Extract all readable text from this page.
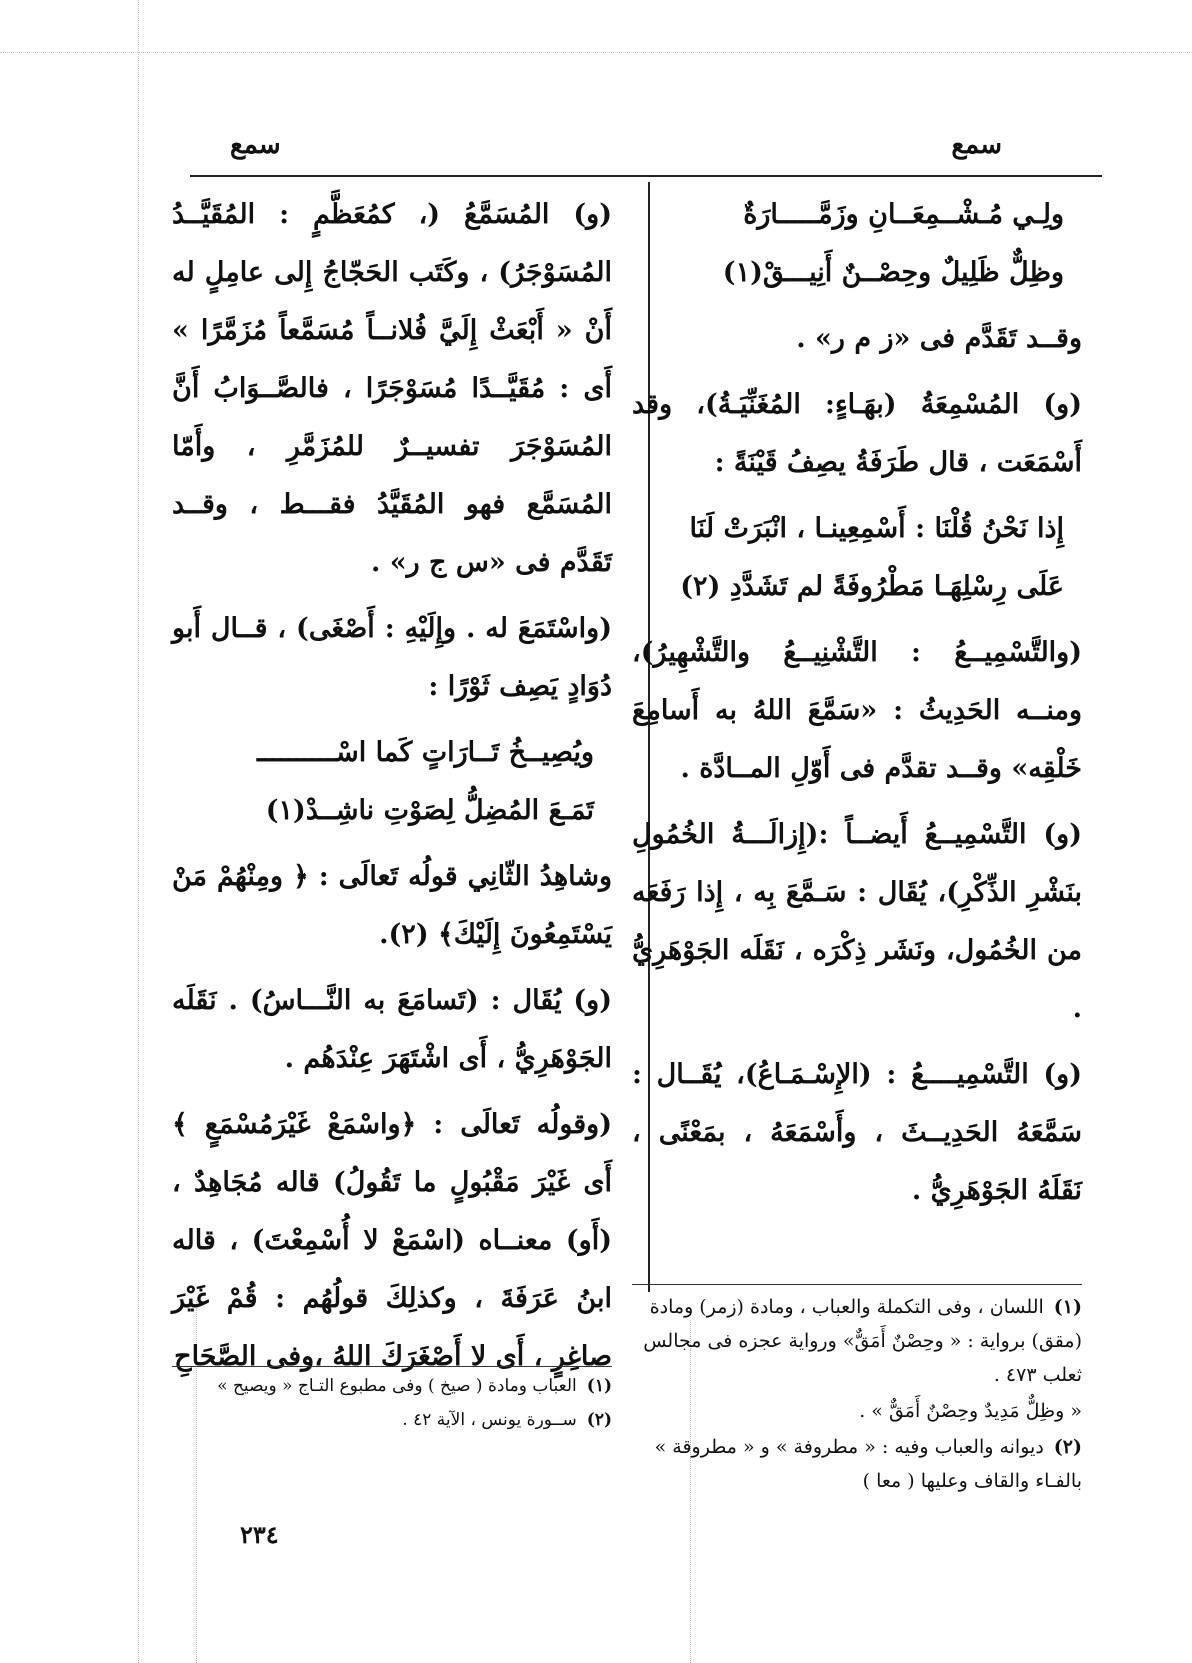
سمع
سمع
ولِـي مُـشْــمِعَــانِ وزَمَّـــــارَةٌ
وظِلٌّ ظَلِيلٌ وحِصْــنٌ أَنِيـــقْ(١)

وقــد تَقَدَّم فى «ز م ر» .

(و) المُسْمِعَةُ (بهَـاءٍ: المُغَنِّيَـةُ)، وقد أَسْمَعَت ، قال طَرَفَةُ يصِفُ قَيْنَةً :

إِذا نَحْنُ قُلْنَا : أَسْمِعِينـا ، انْبَرَتْ لَنَا
عَلَى رِسْلِهَـا مَطْرُوفَةً لم تَشَدَّدِ (٢)

(والتَّسْمِيــعُ : التَّشْنِيــعُ والتَّشْهِيرُ)، ومنــه الحَدِيثُ : «سَمَّعَ اللهُ به أَسامِعَ خَلْقِه» وقــد تقدَّم فى أَوّلِ المــادَّة .

(و) التَّسْمِيــعُ أَيضــاً :(إِزالَـــةُ الخُمُولِ بنَشْرِ الذِّكْرِ)، يُقَال : سَـمَّعَ بِه ، إِذا رَفَعَه من الخُمُول، ونَشَر ذِكْرَه ، نَقَلَه الجَوْهَرِيُّ .

(و) التَّسْمِيــــعُ : (الإِسْـمَـاعُ)، يُقَــال : سَمَّعَهُ الحَدِيــثَ ، وأَسْمَعَهُ ، بمَعْنًى ، نَقَلَهُ الجَوْهَرِيُّ .

(و) المُسَمَّعُ (، كمُعَظَّمٍ : المُقَيَّــدُ المُسَوْجَرُ) ، وكَتَب الحَجّاجُ إِلى عامِلٍ له أَنْ « أَبْعَثْ إِلَيَّ فُلانــاً مُسَمَّعاً مُزَمَّرًا » أَى : مُقَيَّــدًا مُسَوْجَرًا ، فالصَّــوَابُ أَنَّ المُسَوْجَرَ تفسيــرٌ للمُزَمَّرِ ، وأَمّا المُسَمَّع فهو المُقَيَّدُ فقـــط ، وقــد تَقَدَّم فى «س ج ر» .

(واسْتَمَعَ له . وإِلَيْهِ : أَصْغَى) ، قــال أَبو دُوَادٍ يَصِف ثَوْرًا :

ويُصِيــخُ تَــارَاتٍ كَما اسْــــــــــ
تَمَـعَ المُضِلُّ لِصَوْتِ ناشِــدْ(١)

وشاهِدُ الثّانِي قولُه تَعالَى : ﴿ ومِنْهُمْ مَنْ يَسْتَمِعُونَ إِلَيْكَ﴾ (٢).

(و) يُقَال : (تَسامَعَ به النَّـــاسُ) . نَقَلَه الجَوْهَرِيُّ ، أَى اشْتَهَرَ عِنْدَهُم .

(وقولُه تَعالَى : ﴿واسْمَعْ غَيْرَمُسْمَعٍ ﴾ أَى غَيْرَ مَقْبُولٍ ما تَقُولُ) قاله مُجَاهِدٌ ، (أَو) معنــاه (اسْمَعْ لا أُسْمِعْتَ) ، قاله ابنُ عَرَفَةَ ، وكذلِكَ قولُهُم : قُمْ غَيْرَ صاغِرٍ ، أَى لا أَصْغَرَكَ اللهُ ،وفى الصَّحَاحِ

(١)اللسان ، وفى التكملة والعباب ، ومادة (زمر) ومادة (مقق) برواية : « وحِصْنٌ أَمَقٌّ» ورواية عجزه فى مجالس ثعلب ٤٧٣ .

« وظِلٌّ مَدِيدٌ وحِصْنٌ أَمَقٌّ » .

(٢)ديوانه والعباب وفيه : « مطروفة » و « مطروقة » بالفـاء والقاف وعليها ( معا )

(١)العباب ومادة ( صيخ ) وفى مطبوع التـاج « ويصيح »

(٢)ســورة يونس ، الآية ٤٢ .

٢٣٤
